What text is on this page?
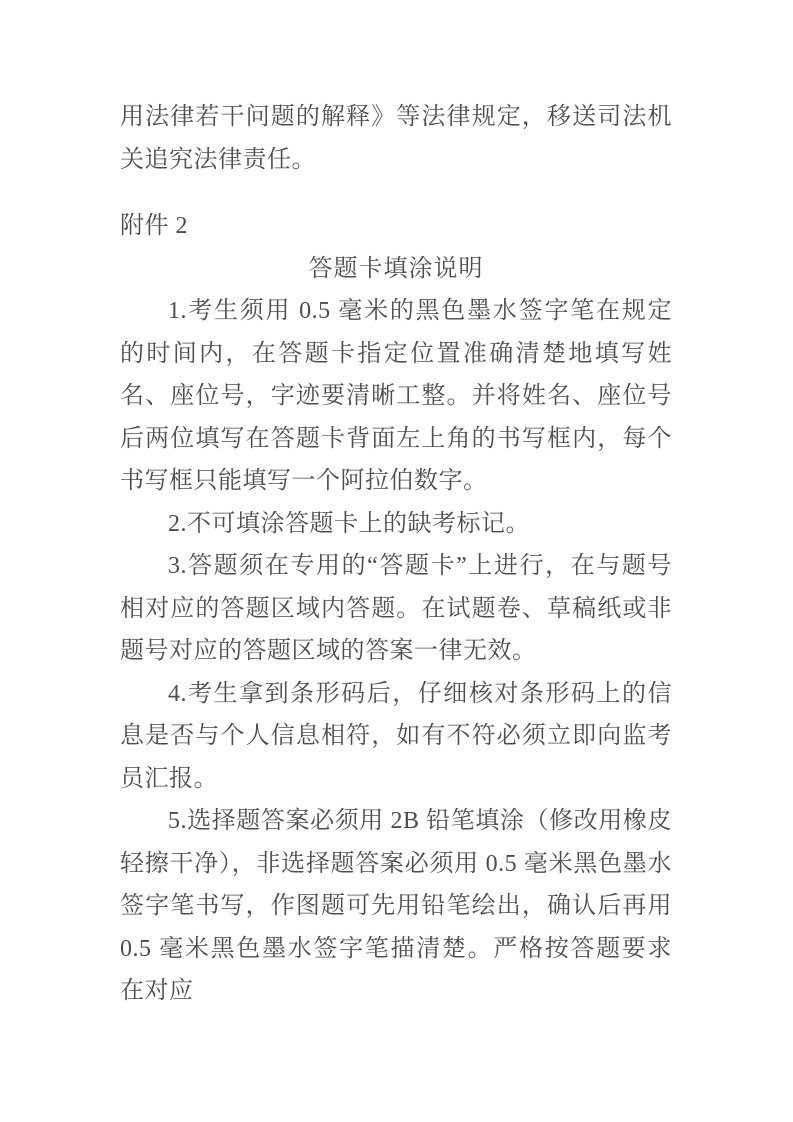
用法律若干问题的解释》等法律规定，移送司法机关追究法律责任。

附件 2

答题卡填涂说明

1.考生须用 0.5 毫米的黑色墨水签字笔在规定的时间内，在答题卡指定位置准确清楚地填写姓名、座位号，字迹要清晰工整。并将姓名、座位号后两位填写在答题卡背面左上角的书写框内，每个书写框只能填写一个阿拉伯数字。

2.不可填涂答题卡上的缺考标记。

3.答题须在专用的“答题卡”上进行，在与题号相对应的答题区域内答题。在试题卷、草稿纸或非题号对应的答题区域的答案一律无效。

4.考生拿到条形码后，仔细核对条形码上的信息是否与个人信息相符，如有不符必须立即向监考员汇报。

5.选择题答案必须用 2B 铅笔填涂（修改用橡皮轻擦干净），非选择题答案必须用 0.5 毫米黑色墨水签字笔书写，作图题可先用铅笔绘出，确认后再用 0.5 毫米黑色墨水签字笔描清楚。严格按答题要求在对应
